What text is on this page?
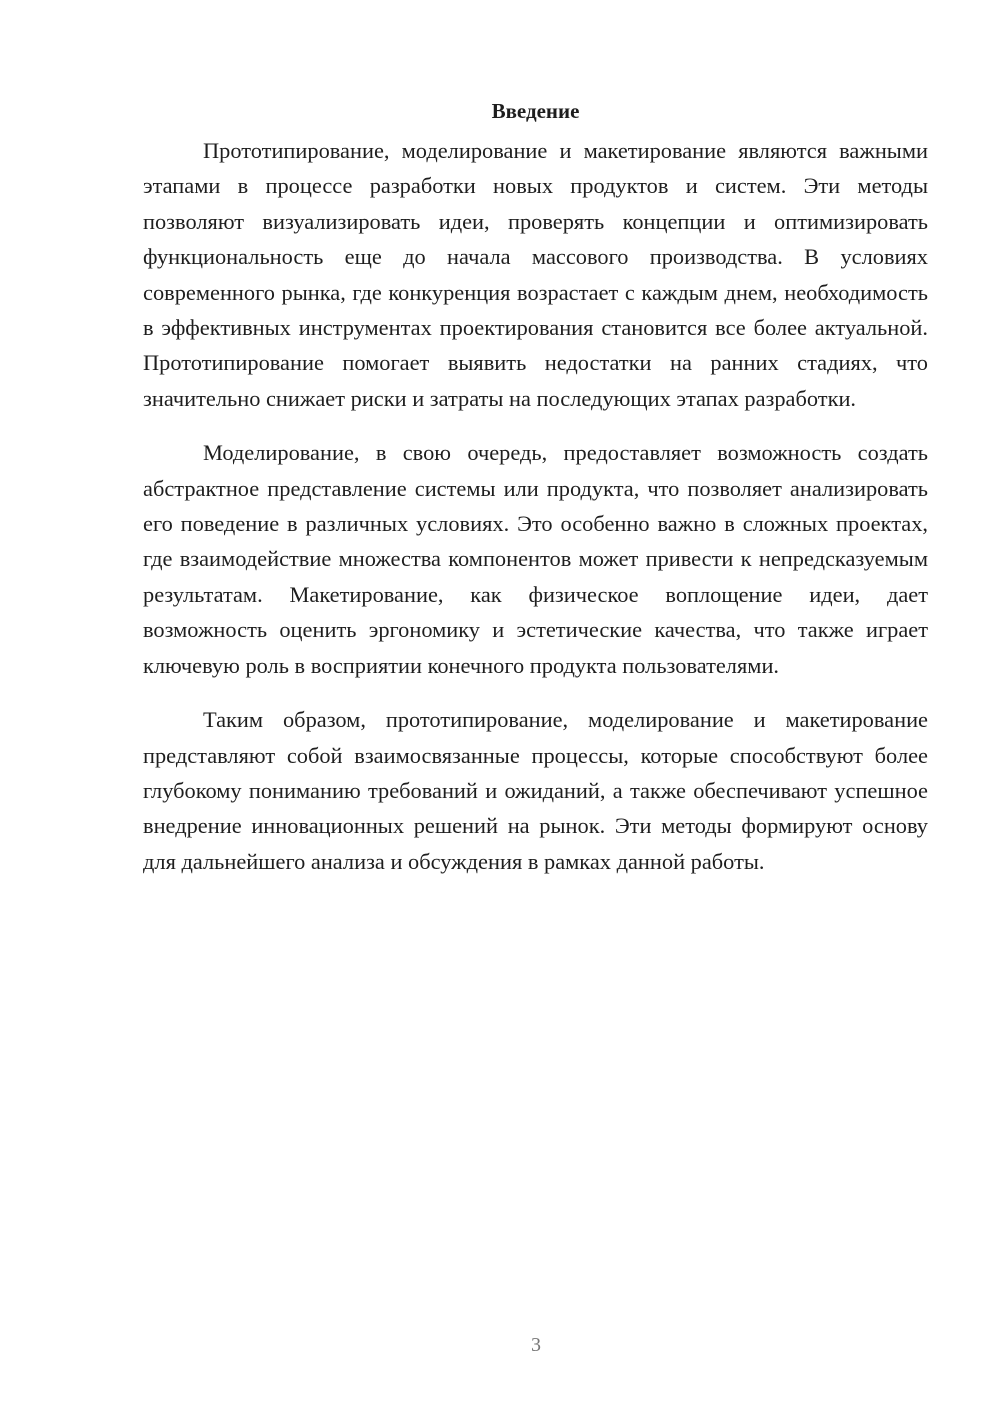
Введение

Прототипирование, моделирование и макетирование являются важными этапами в процессе разработки новых продуктов и систем. Эти методы позволяют визуализировать идеи, проверять концепции и оптимизировать функциональность еще до начала массового производства. В условиях современного рынка, где конкуренция возрастает с каждым днем, необходимость в эффективных инструментах проектирования становится все более актуальной. Прототипирование помогает выявить недостатки на ранних стадиях, что значительно снижает риски и затраты на последующих этапах разработки.

Моделирование, в свою очередь, предоставляет возможность создать абстрактное представление системы или продукта, что позволяет анализировать его поведение в различных условиях. Это особенно важно в сложных проектах, где взаимодействие множества компонентов может привести к непредсказуемым результатам. Макетирование, как физическое воплощение идеи, дает возможность оценить эргономику и эстетические качества, что также играет ключевую роль в восприятии конечного продукта пользователями.

Таким образом, прототипирование, моделирование и макетирование представляют собой взаимосвязанные процессы, которые способствуют более глубокому пониманию требований и ожиданий, а также обеспечивают успешное внедрение инновационных решений на рынок. Эти методы формируют основу для дальнейшего анализа и обсуждения в рамках данной работы.

3
